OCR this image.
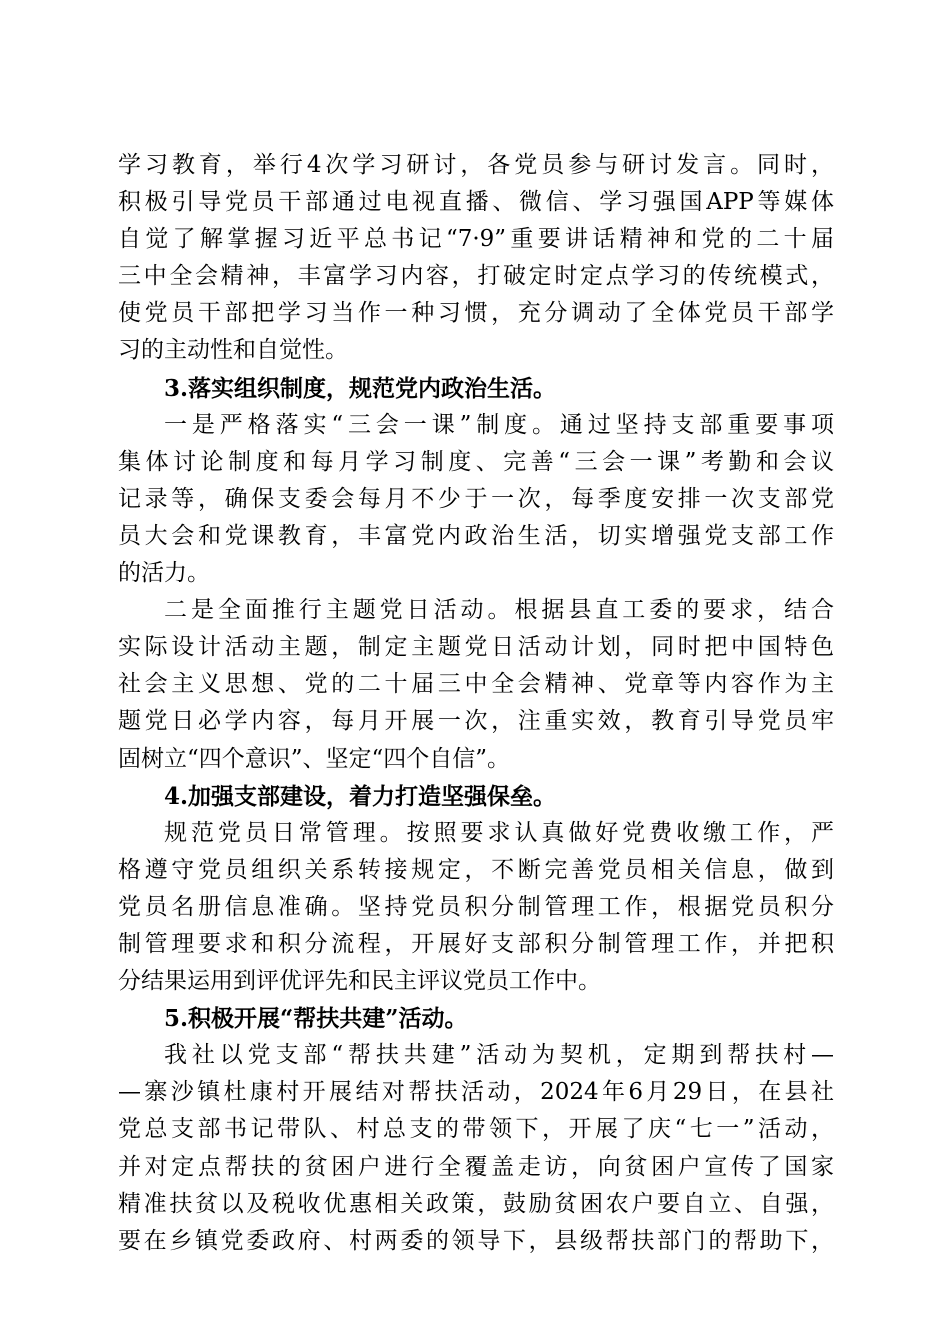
学习教育，举行4次学习研讨，各党员参与研讨发言。同时，
积极引导党员干部通过电视直播、微信、学习强国APP等媒体
自觉了解掌握习近平总书记“7·9”重要讲话精神和党的二十届
三中全会精神，丰富学习内容，打破定时定点学习的传统模式，
使党员干部把学习当作一种习惯，充分调动了全体党员干部学
习的主动性和自觉性。
3.落实组织制度，规范党内政治生活。
一是严格落实“三会一课”制度。通过坚持支部重要事项
集体讨论制度和每月学习制度、完善“三会一课”考勤和会议
记录等，确保支委会每月不少于一次，每季度安排一次支部党
员大会和党课教育，丰富党内政治生活，切实增强党支部工作
的活力。
二是全面推行主题党日活动。根据县直工委的要求，结合
实际设计活动主题，制定主题党日活动计划，同时把中国特色
社会主义思想、党的二十届三中全会精神、党章等内容作为主
题党日必学内容，每月开展一次，注重实效，教育引导党员牢
固树立“四个意识”、坚定“四个自信”。
4.加强支部建设，着力打造坚强保垒。
规范党员日常管理。按照要求认真做好党费收缴工作，严
格遵守党员组织关系转接规定，不断完善党员相关信息，做到
党员名册信息准确。坚持党员积分制管理工作，根据党员积分
制管理要求和积分流程，开展好支部积分制管理工作，并把积
分结果运用到评优评先和民主评议党员工作中。
5.积极开展“帮扶共建”活动。
我社以党支部“帮扶共建”活动为契机，定期到帮扶村—
—寨沙镇杜康村开展结对帮扶活动，2024年6月29日，在县社
党总支部书记带队、村总支的带领下，开展了庆“七一”活动，
并对定点帮扶的贫困户进行全覆盖走访，向贫困户宣传了国家
精准扶贫以及税收优惠相关政策，鼓励贫困农户要自立、自强，
要在乡镇党委政府、村两委的领导下，县级帮扶部门的帮助下，
